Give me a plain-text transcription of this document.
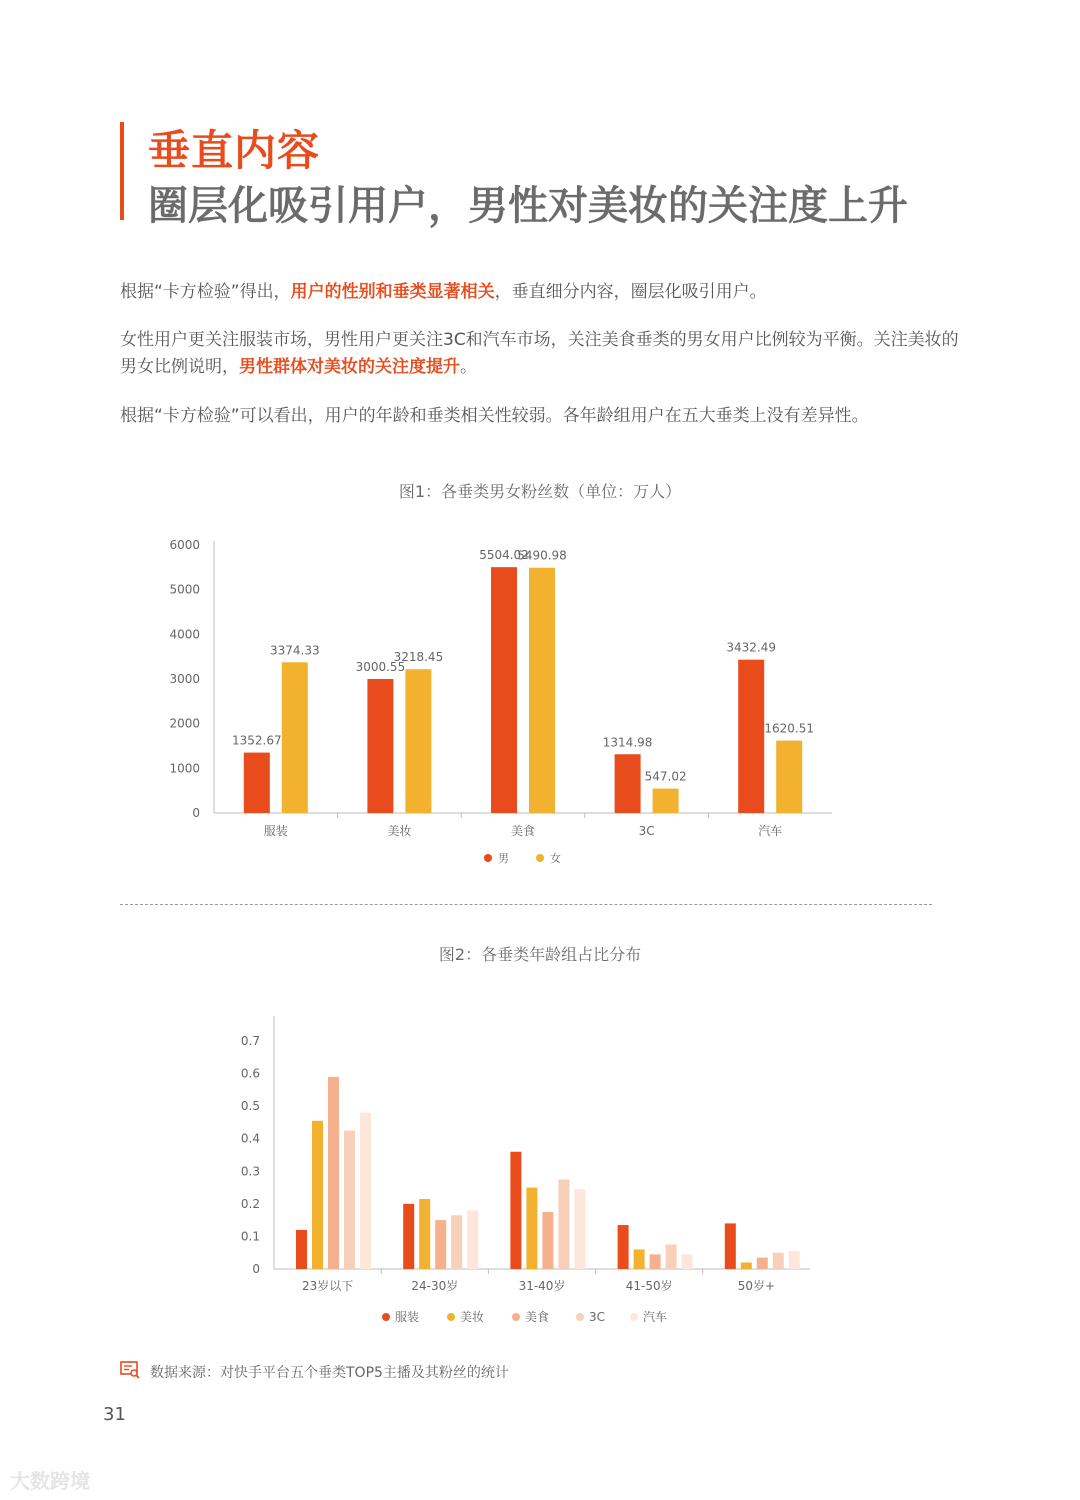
垂直内容
圈层化吸引用户，男性对美妆的关注度上升
根据“卡方检验”得出，用户的性别和垂类显著相关，垂直细分内容，圈层化吸引用户。
女性用户更关注服装市场，男性用户更关注3C和汽车市场，关注美食垂类的男女用户比例较为平衡。关注美妆的男女比例说明，男性群体对美妆的关注度提升。
根据“卡方检验”可以看出，用户的年龄和垂类相关性较弱。各年龄组用户在五大垂类上没有差异性。
图1：各垂类男女粉丝数（单位：万人）
0
1000
2000
3000
4000
5000
6000
服装
1352.67
3374.33
美妆
3000.55
3218.45
美食
5504.02
5490.98
3C
1314.98
547.02
汽车
3432.49
1620.51
男	女
图2：各垂类年龄组占比分布
0
0.1
0.2
0.3
0.4
0.5
0.6
0.7
23岁以下	24-30岁	31-40岁	41-50岁	50岁+
服装	美妆	美食	3C	汽车
数据来源：对快手平台五个垂类TOP5主播及其粉丝的统计
31
大数跨境
